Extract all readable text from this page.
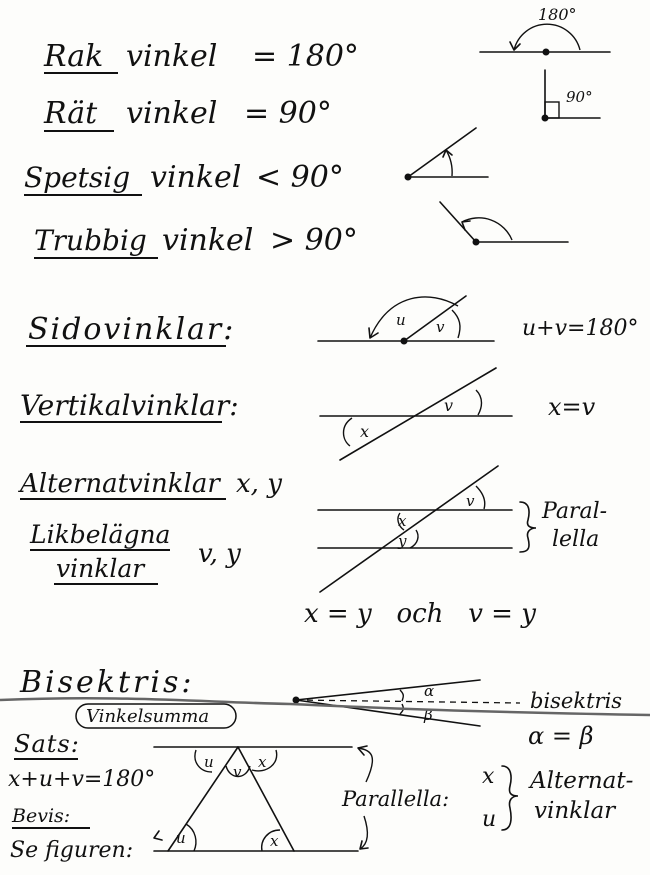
Rak vinkel = 180°
180°
Rät vinkel = 90°	90°
Spetsig vinkel < 90°
Trubbig vinkel > 90°
Sidovinklar:	u v	u+v=180°
Vertikalvinklar:	v
x
x=v
Alternatvinklar x, y
Likbelägna
vinklar v, y
v
x
y
Paral-
lella
x = y   och   v = y
Bisektris:	α
β
bisektris
α = β
Vinkelsumma
Sats:
x+u+v=180°
Bevis:
Se figuren:
u
v
x
u	x
Parallella:
x
u
Alternat-
vinklar
